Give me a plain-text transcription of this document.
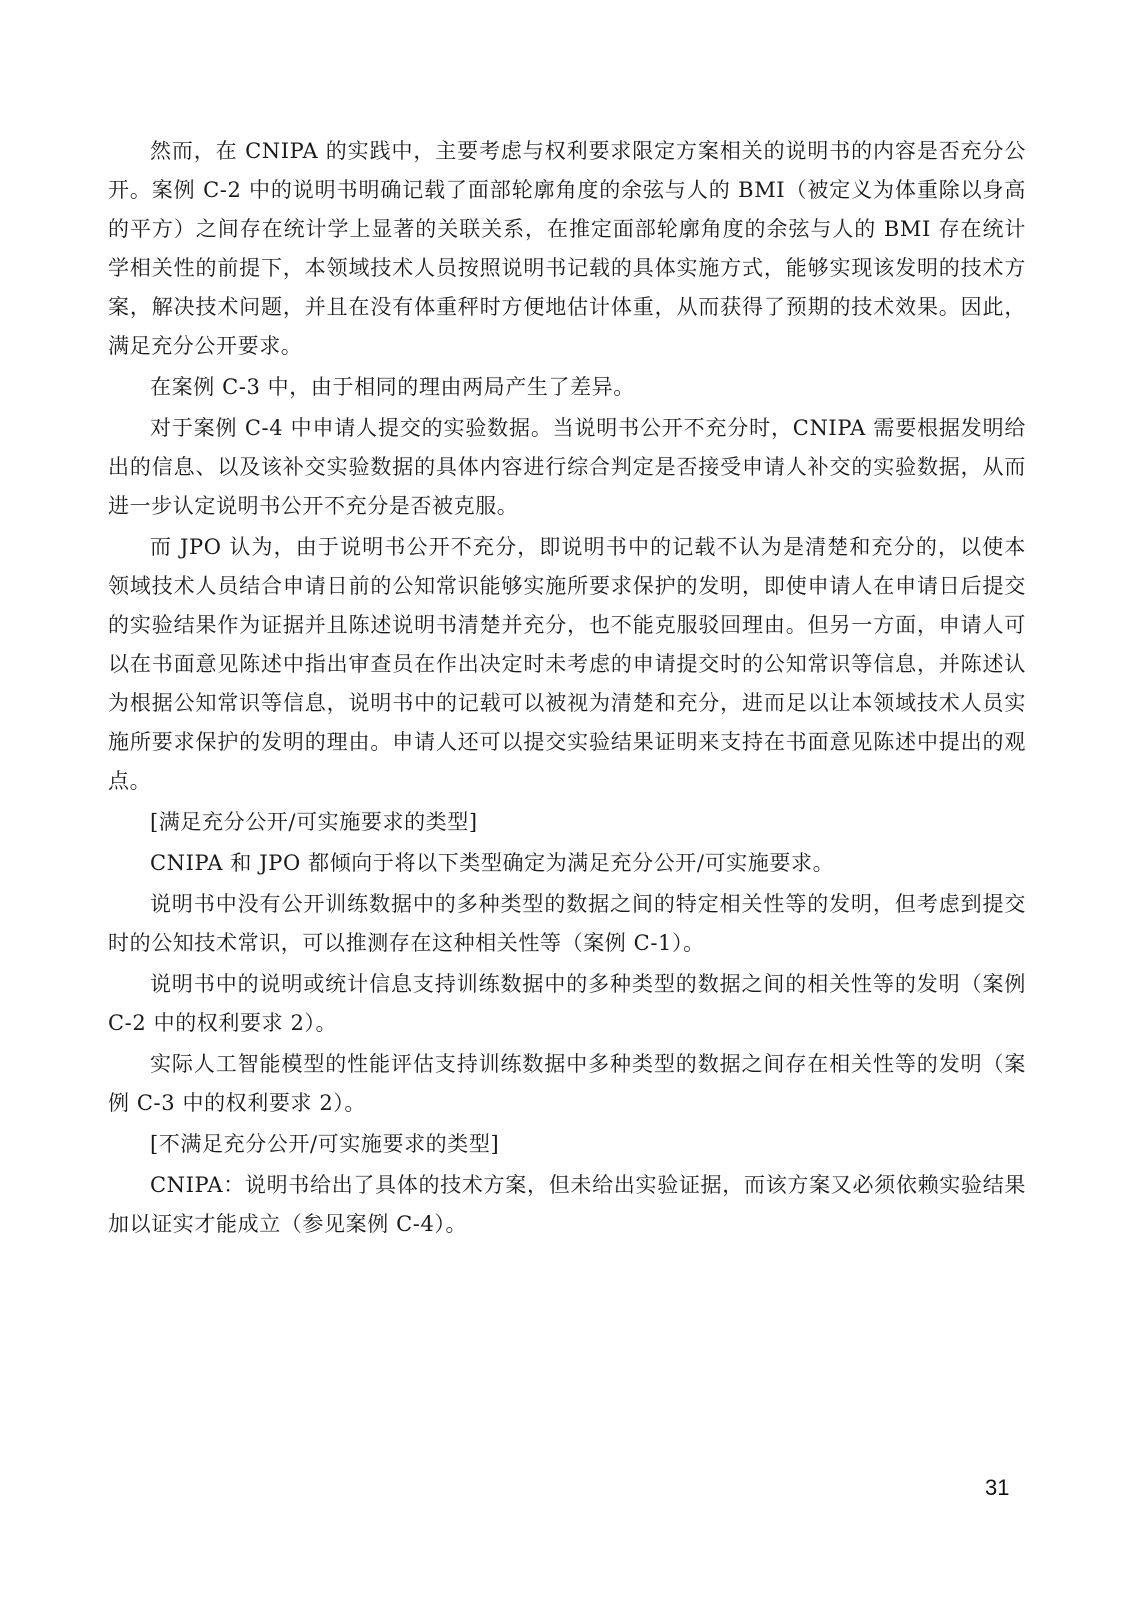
然而，在 CNIPA 的实践中，主要考虑与权利要求限定方案相关的说明书的内容是否充分公开。案例 C-2 中的说明书明确记载了面部轮廓角度的余弦与人的 BMI（被定义为体重除以身高的平方）之间存在统计学上显著的关联关系，在推定面部轮廓角度的余弦与人的 BMI 存在统计学相关性的前提下，本领域技术人员按照说明书记载的具体实施方式，能够实现该发明的技术方案，解决技术问题，并且在没有体重秤时方便地估计体重，从而获得了预期的技术效果。因此，满足充分公开要求。

在案例 C-3 中，由于相同的理由两局产生了差异。

对于案例 C-4 中申请人提交的实验数据。当说明书公开不充分时，CNIPA 需要根据发明给出的信息、以及该补交实验数据的具体内容进行综合判定是否接受申请人补交的实验数据，从而进一步认定说明书公开不充分是否被克服。

而 JPO 认为，由于说明书公开不充分，即说明书中的记载不认为是清楚和充分的，以使本领域技术人员结合申请日前的公知常识能够实施所要求保护的发明，即使申请人在申请日后提交的实验结果作为证据并且陈述说明书清楚并充分，也不能克服驳回理由。但另一方面，申请人可以在书面意见陈述中指出审查员在作出决定时未考虑的申请提交时的公知常识等信息，并陈述认为根据公知常识等信息，说明书中的记载可以被视为清楚和充分，进而足以让本领域技术人员实施所要求保护的发明的理由。申请人还可以提交实验结果证明来支持在书面意见陈述中提出的观点。

[满足充分公开/可实施要求的类型]

CNIPA 和 JPO 都倾向于将以下类型确定为满足充分公开/可实施要求。

说明书中没有公开训练数据中的多种类型的数据之间的特定相关性等的发明，但考虑到提交时的公知技术常识，可以推测存在这种相关性等（案例 C-1）。

说明书中的说明或统计信息支持训练数据中的多种类型的数据之间的相关性等的发明（案例 C-2 中的权利要求 2）。

实际人工智能模型的性能评估支持训练数据中多种类型的数据之间存在相关性等的发明（案例 C-3 中的权利要求 2）。

[不满足充分公开/可实施要求的类型]

CNIPA：说明书给出了具体的技术方案，但未给出实验证据，而该方案又必须依赖实验结果加以证实才能成立（参见案例 C-4）。

31
